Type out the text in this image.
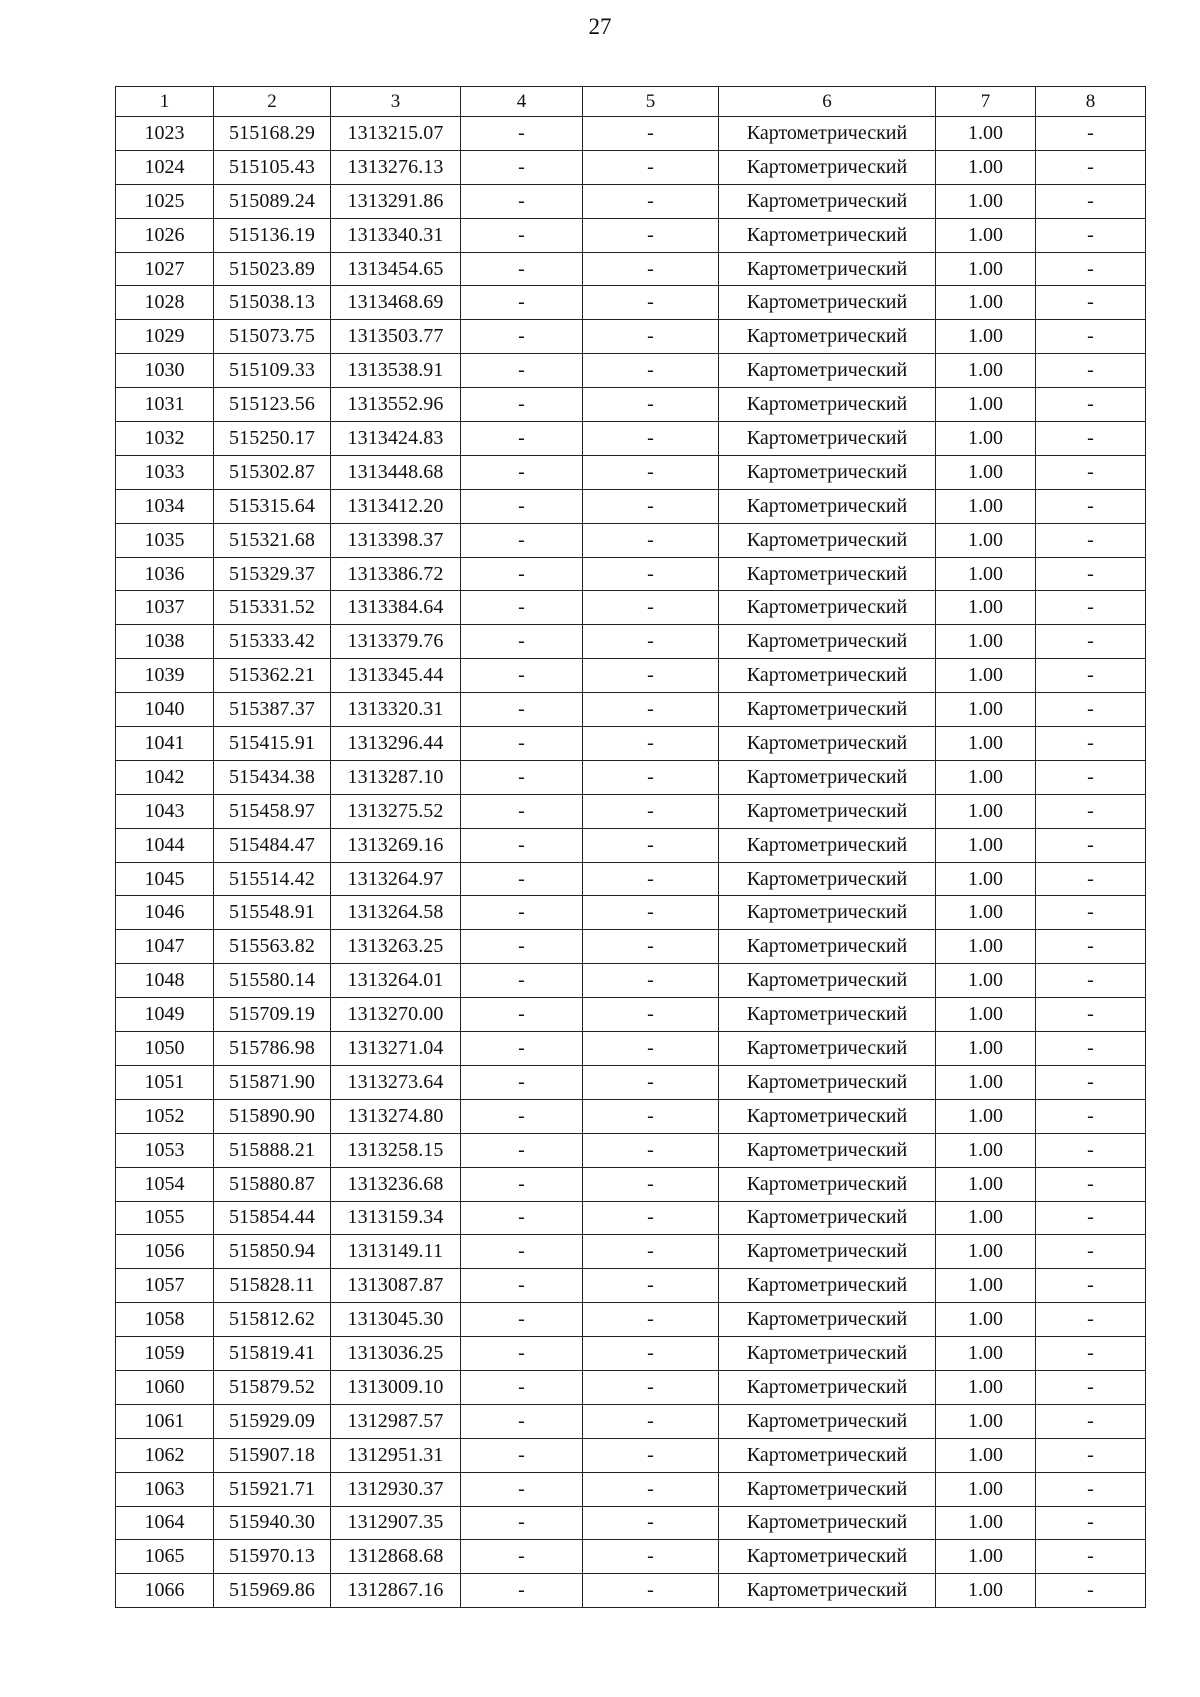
27
1	2	3	4	5	6	7	8
1023	515168.29	1313215.07	-	-	Картометрический	1.00	-
1024	515105.43	1313276.13	-	-	Картометрический	1.00	-
1025	515089.24	1313291.86	-	-	Картометрический	1.00	-
1026	515136.19	1313340.31	-	-	Картометрический	1.00	-
1027	515023.89	1313454.65	-	-	Картометрический	1.00	-
1028	515038.13	1313468.69	-	-	Картометрический	1.00	-
1029	515073.75	1313503.77	-	-	Картометрический	1.00	-
1030	515109.33	1313538.91	-	-	Картометрический	1.00	-
1031	515123.56	1313552.96	-	-	Картометрический	1.00	-
1032	515250.17	1313424.83	-	-	Картометрический	1.00	-
1033	515302.87	1313448.68	-	-	Картометрический	1.00	-
1034	515315.64	1313412.20	-	-	Картометрический	1.00	-
1035	515321.68	1313398.37	-	-	Картометрический	1.00	-
1036	515329.37	1313386.72	-	-	Картометрический	1.00	-
1037	515331.52	1313384.64	-	-	Картометрический	1.00	-
1038	515333.42	1313379.76	-	-	Картометрический	1.00	-
1039	515362.21	1313345.44	-	-	Картометрический	1.00	-
1040	515387.37	1313320.31	-	-	Картометрический	1.00	-
1041	515415.91	1313296.44	-	-	Картометрический	1.00	-
1042	515434.38	1313287.10	-	-	Картометрический	1.00	-
1043	515458.97	1313275.52	-	-	Картометрический	1.00	-
1044	515484.47	1313269.16	-	-	Картометрический	1.00	-
1045	515514.42	1313264.97	-	-	Картометрический	1.00	-
1046	515548.91	1313264.58	-	-	Картометрический	1.00	-
1047	515563.82	1313263.25	-	-	Картометрический	1.00	-
1048	515580.14	1313264.01	-	-	Картометрический	1.00	-
1049	515709.19	1313270.00	-	-	Картометрический	1.00	-
1050	515786.98	1313271.04	-	-	Картометрический	1.00	-
1051	515871.90	1313273.64	-	-	Картометрический	1.00	-
1052	515890.90	1313274.80	-	-	Картометрический	1.00	-
1053	515888.21	1313258.15	-	-	Картометрический	1.00	-
1054	515880.87	1313236.68	-	-	Картометрический	1.00	-
1055	515854.44	1313159.34	-	-	Картометрический	1.00	-
1056	515850.94	1313149.11	-	-	Картометрический	1.00	-
1057	515828.11	1313087.87	-	-	Картометрический	1.00	-
1058	515812.62	1313045.30	-	-	Картометрический	1.00	-
1059	515819.41	1313036.25	-	-	Картометрический	1.00	-
1060	515879.52	1313009.10	-	-	Картометрический	1.00	-
1061	515929.09	1312987.57	-	-	Картометрический	1.00	-
1062	515907.18	1312951.31	-	-	Картометрический	1.00	-
1063	515921.71	1312930.37	-	-	Картометрический	1.00	-
1064	515940.30	1312907.35	-	-	Картометрический	1.00	-
1065	515970.13	1312868.68	-	-	Картометрический	1.00	-
1066	515969.86	1312867.16	-	-	Картометрический	1.00	-
